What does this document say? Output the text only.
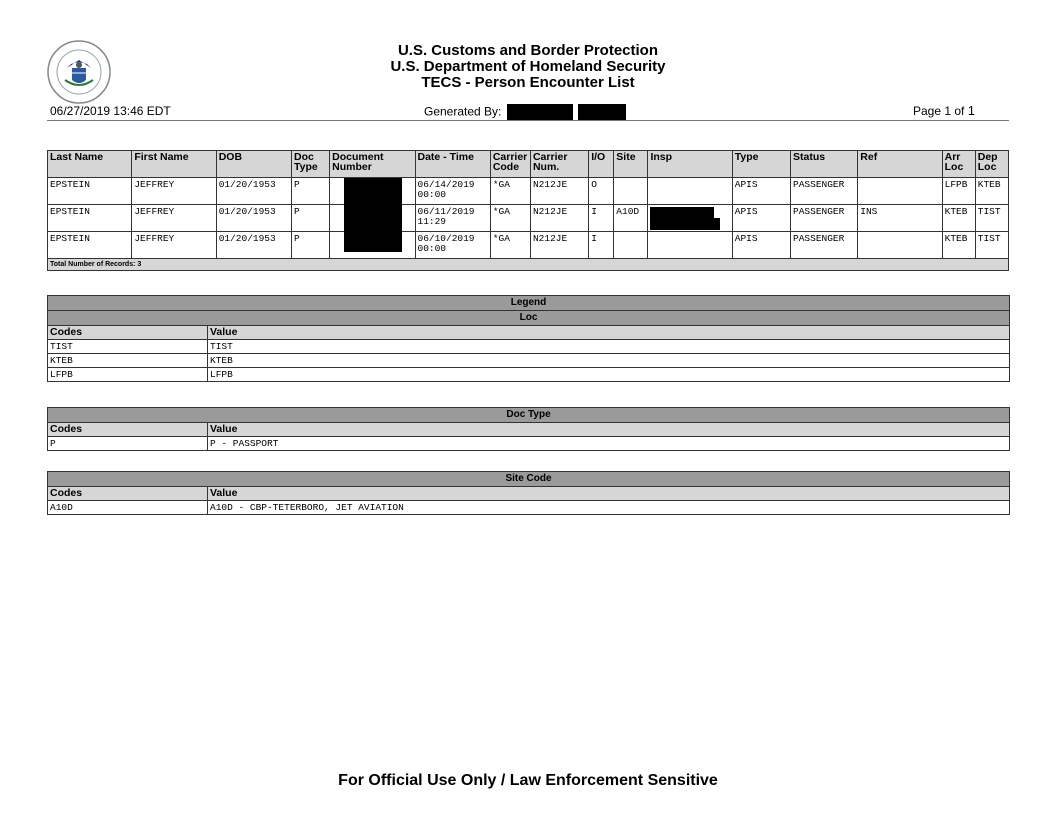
U.S. Customs and Border Protection
U.S. Department of Homeland Security
TECS - Person Encounter List
06/27/2019 13:46 EDT	Generated By:	Page 1 of 1
Last Name	First Name	DOB	Doc Type	Document Number	Date - Time	Carrier Code	Carrier Num.	I/O	Site	Insp	Type	Status	Ref	Arr Loc	Dep Loc
EPSTEIN	JEFFREY	01/20/1953	P		06/14/2019 00:00	*GA	N212JE	O			APIS	PASSENGER		LFPB	KTEB
EPSTEIN	JEFFREY	01/20/1953	P		06/11/2019 11:29	*GA	N212JE	I	A10D		APIS	PASSENGER	INS	KTEB	TIST
EPSTEIN	JEFFREY	01/20/1953	P		06/10/2019 00:00	*GA	N212JE	I			APIS	PASSENGER		KTEB	TIST
Total Number of Records: 3															
Legend	
Loc	
Codes	Value
TIST	TIST
KTEB	KTEB
LFPB	LFPB
Doc Type	
Codes	Value
P	P - PASSPORT
Site Code	
Codes	Value
A10D	A10D - CBP-TETERBORO, JET AVIATION
For Official Use Only / Law Enforcement Sensitive
